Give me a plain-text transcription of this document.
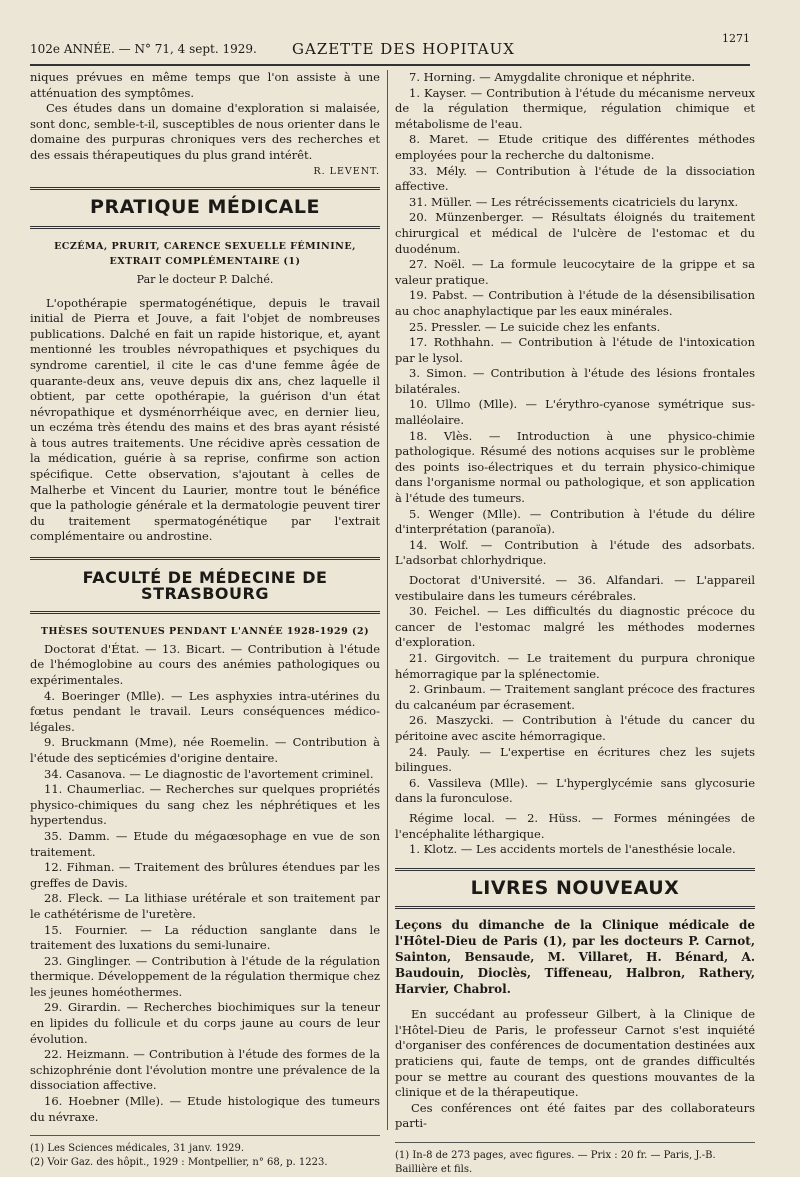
102e ANNÉE. — N° 71, 4 sept. 1929. GAZETTE DES HOPITAUX
1271

niques prévues en même temps que l'on assiste à une atténuation des symptômes.

Ces études dans un domaine d'exploration si malaisée, sont donc, semble-t-il, susceptibles de nous orienter dans le domaine des purpuras chroniques vers des recherches et des essais thérapeutiques du plus grand intérêt.

R. LEVENT.

PRATIQUE MÉDICALE
ECZÉMA, PRURIT, CARENCE SEXUELLE FÉMININE, EXTRAIT COMPLÉMENTAIRE (1)
Par le docteur P. Dalché.

L'opothérapie spermatogénétique, depuis le travail initial de Pierra et Jouve, a fait l'objet de nombreuses publications. Dalché en fait un rapide historique, et, ayant mentionné les troubles névropathiques et psychiques du syndrome carentiel, il cite le cas d'une femme âgée de quarante-deux ans, veuve depuis dix ans, chez laquelle il obtient, par cette opothérapie, la guérison d'un état névropathique et dysménorrhéique avec, en dernier lieu, un eczéma très étendu des mains et des bras ayant résisté à tous autres traitements. Une récidive après cessation de la médication, guérie à sa reprise, confirme son action spécifique. Cette observation, s'ajoutant à celles de Malherbe et Vincent du Laurier, montre tout le bénéfice que la pathologie générale et la dermatologie peuvent tirer du traitement spermatogénétique par l'extrait complémentaire ou androstine.

FACULTÉ DE MÉDECINE DE STRASBOURG
THÈSES SOUTENUES PENDANT L'ANNÉE 1928-1929 (2)

Doctorat d'État. — 13. Bicart. — Contribution à l'étude de l'hémoglobine au cours des anémies pathologiques ou expérimentales.

4. Boeringer (Mlle). — Les asphyxies intra-utérines du fœtus pendant le travail. Leurs conséquences médico-légales.

9. Bruckmann (Mme), née Roemelin. — Contribution à l'étude des septicémies d'origine dentaire.

34. Casanova. — Le diagnostic de l'avortement criminel.

11. Chaumerliac. — Recherches sur quelques propriétés physico-chimiques du sang chez les néphrétiques et les hypertendus.

35. Damm. — Etude du mégaœsophage en vue de son traitement.

12. Fihman. — Traitement des brûlures étendues par les greffes de Davis.

28. Fleck. — La lithiase urétérale et son traitement par le cathétérisme de l'uretère.

15. Fournier. — La réduction sanglante dans le traitement des luxations du semi-lunaire.

23. Ginglinger. — Contribution à l'étude de la régulation thermique. Développement de la régulation thermique chez les jeunes homéothermes.

29. Girardin. — Recherches biochimiques sur la teneur en lipides du follicule et du corps jaune au cours de leur évolution.

22. Heizmann. — Contribution à l'étude des formes de la schizophrénie dont l'évolution montre une prévalence de la dissociation affective.

16. Hoebner (Mlle). — Etude histologique des tumeurs du névraxe.

(1) Les Sciences médicales, 31 janv. 1929.
(2) Voir Gaz. des hôpit., 1929 : Montpellier, n° 68, p. 1223.

7. Horning. — Amygdalite chronique et néphrite.

1. Kayser. — Contribution à l'étude du mécanisme nerveux de la régulation thermique, régulation chimique et métabolisme de l'eau.

8. Maret. — Etude critique des différentes méthodes employées pour la recherche du daltonisme.

33. Mély. — Contribution à l'étude de la dissociation affective.

31. Müller. — Les rétrécissements cicatriciels du larynx.

20. Münzenberger. — Résultats éloignés du traitement chirurgical et médical de l'ulcère de l'estomac et du duodénum.

27. Noël. — La formule leucocytaire de la grippe et sa valeur pratique.

19. Pabst. — Contribution à l'étude de la désensibilisation au choc anaphylactique par les eaux minérales.

25. Pressler. — Le suicide chez les enfants.

17. Rothhahn. — Contribution à l'étude de l'intoxication par le lysol.

3. Simon. — Contribution à l'étude des lésions frontales bilatérales.

10. Ullmo (Mlle). — L'érythro-cyanose symétrique sus-malléolaire.

18. Vlès. — Introduction à une physico-chimie pathologique. Résumé des notions acquises sur le problème des points iso-électriques et du terrain physico-chimique dans l'organisme normal ou pathologique, et son application à l'étude des tumeurs.

5. Wenger (Mlle). — Contribution à l'étude du délire d'interprétation (paranoïa).

14. Wolf. — Contribution à l'étude des adsorbats. L'adsorbat chlorhydrique.

Doctorat d'Université. — 36. Alfandari. — L'appareil vestibulaire dans les tumeurs cérébrales.

30. Feichel. — Les difficultés du diagnostic précoce du cancer de l'estomac malgré les méthodes modernes d'exploration.

21. Girgovitch. — Le traitement du purpura chronique hémorragique par la splénectomie.

2. Grinbaum. — Traitement sanglant précoce des fractures du calcanéum par écrasement.

26. Maszycki. — Contribution à l'étude du cancer du péritoine avec ascite hémorragique.

24. Pauly. — L'expertise en écritures chez les sujets bilingues.

6. Vassileva (Mlle). — L'hyperglycémie sans glycosurie dans la furonculose.

Régime local. — 2. Hüss. — Formes méningées de l'encéphalite léthargique.

1. Klotz. — Les accidents mortels de l'anesthésie locale.

LIVRES NOUVEAUX
Leçons du dimanche de la Clinique médicale de l'Hôtel-Dieu de Paris (1), par les docteurs P. Carnot, Sainton, Bensaude, M. Villaret, H. Bénard, A. Baudouin, Dioclès, Tiffeneau, Halbron, Rathery, Harvier, Chabrol.

En succédant au professeur Gilbert, à la Clinique de l'Hôtel-Dieu de Paris, le professeur Carnot s'est inquiété d'organiser des conférences de documentation destinées aux praticiens qui, faute de temps, ont de grandes difficultés pour se mettre au courant des questions mouvantes de la clinique et de la thérapeutique.

Ces conférences ont été faites par des collaborateurs parti-

(1) In-8 de 273 pages, avec figures. — Prix : 20 fr. — Paris, J.-B. Baillière et fils.
